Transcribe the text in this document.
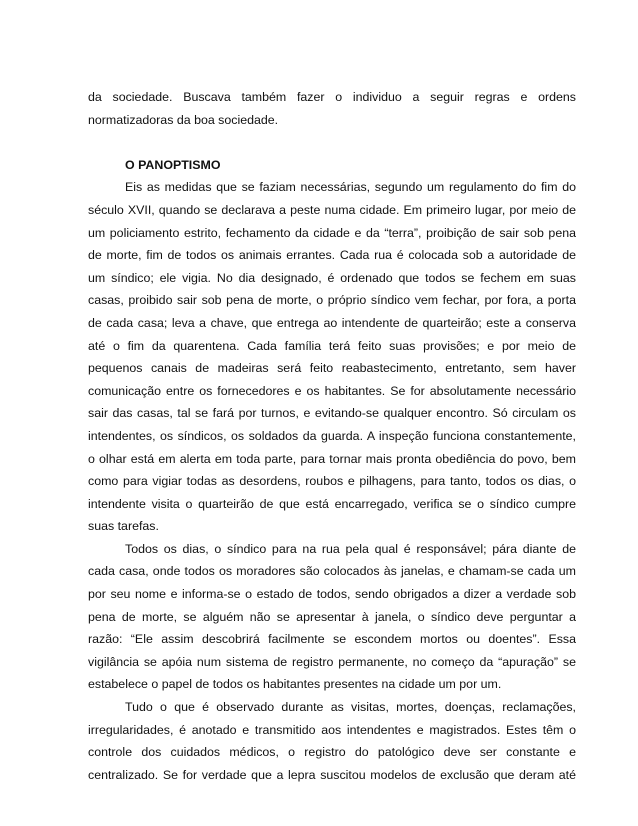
da sociedade. Buscava também fazer o individuo a seguir regras e ordens
normatizadoras da boa sociedade.
O PANOPTISMO
Eis as medidas que se faziam necessárias, segundo um regulamento do fim do
século XVII, quando se declarava a peste numa cidade. Em primeiro lugar, por meio de
um policiamento estrito, fechamento da cidade e da “terra”, proibição de sair sob pena
de morte, fim de todos os animais errantes. Cada rua é colocada sob a autoridade de
um síndico; ele vigia. No dia designado, é ordenado que todos se fechem em suas
casas, proibido sair sob pena de morte, o próprio síndico vem fechar, por fora, a porta
de cada casa; leva a chave, que entrega ao intendente de quarteirão; este a conserva
até o fim da quarentena. Cada família terá feito suas provisões; e por meio de
pequenos canais de madeiras será feito reabastecimento, entretanto, sem haver
comunicação entre os fornecedores e os habitantes. Se for absolutamente necessário
sair das casas, tal se fará por turnos, e evitando-se qualquer encontro. Só circulam os
intendentes, os síndicos, os soldados da guarda. A inspeção funciona constantemente,
o olhar está em alerta em toda parte, para tornar mais pronta obediência do povo, bem
como para vigiar todas as desordens, roubos e pilhagens, para tanto, todos os dias, o
intendente visita o quarteirão de que está encarregado, verifica se o síndico cumpre
suas tarefas.
Todos os dias, o síndico para na rua pela qual é responsável; pára diante de
cada casa, onde todos os moradores são colocados às janelas, e chamam-se cada um
por seu nome e informa-se o estado de todos, sendo obrigados a dizer a verdade sob
pena de morte, se alguém não se apresentar à janela, o síndico deve perguntar a
razão: “Ele assim descobrirá facilmente se escondem mortos ou doentes”. Essa
vigilância se apóia num sistema de registro permanente, no começo da “apuração” se
estabelece o papel de todos os habitantes presentes na cidade um por um.
Tudo o que é observado durante as visitas, mortes, doenças, reclamações,
irregularidades, é anotado e transmitido aos intendentes e magistrados. Estes têm o
controle dos cuidados médicos, o registro do patológico deve ser constante e
centralizado. Se for verdade que a lepra suscitou modelos de exclusão que deram até
